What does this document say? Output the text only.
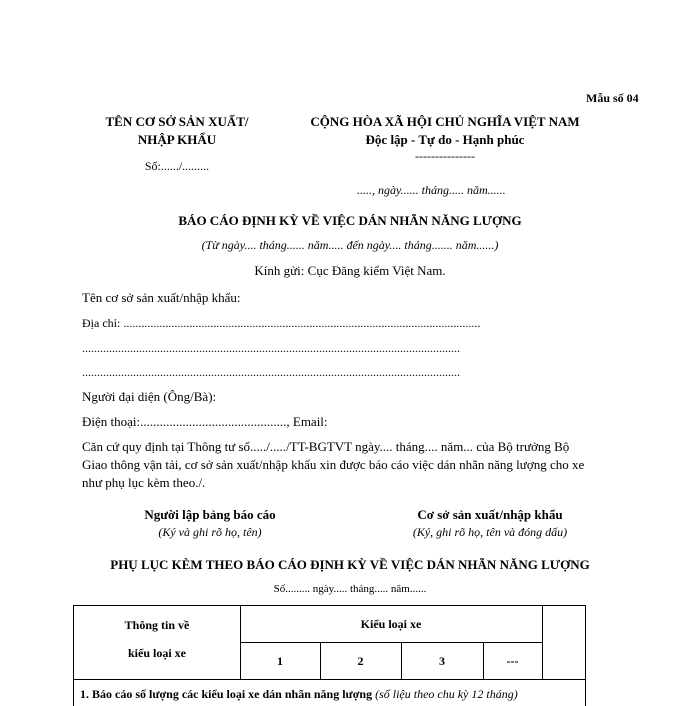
Mẫu số 04
TÊN CƠ SỞ SẢN XUẤT/
NHẬP KHẨU
Số:....../.........
CỘNG HÒA XÃ HỘI CHỦ NGHĨA VIỆT NAM
Độc lập - Tự do - Hạnh phúc
---------------
....., ngày...... tháng..... năm......
BÁO CÁO ĐỊNH KỲ VỀ VIỆC DÁN NHÃN NĂNG LƯỢNG
(Từ ngày.... tháng...... năm..... đến ngày.... tháng....... năm......)
Kính gửi: Cục Đăng kiểm Việt Nam.
Tên cơ sở sản xuất/nhập khẩu:
Địa chỉ: .......................................................................................................................
..............................................................................................................................
..............................................................................................................................
Người đại diện (Ông/Bà):
Điện thoại:............................................., Email:
Căn cứ quy định tại Thông tư số...../...../TT-BGTVT ngày.... tháng.... năm... của Bộ trưởng Bộ
Giao thông vận tải, cơ sở sản xuất/nhập khẩu xin được báo cáo việc dán nhãn năng lượng cho xe
như phụ lục kèm theo./.
Người lập bảng báo cáo
(Ký và ghi rõ họ, tên)
Cơ sở sản xuất/nhập khẩu
(Ký, ghi rõ họ, tên và đóng dấu)
PHỤ LỤC KÈM THEO BÁO CÁO ĐỊNH KỲ VỀ VIỆC DÁN NHÃN NĂNG LƯỢNG
Số......... ngày..... tháng..... năm......
Thông tin về
kiểu loại xe
Kiểu loại xe
1	2	3	---
1. Báo cáo số lượng các kiểu loại xe dán nhãn năng lượng (số liệu theo chu kỳ 12 tháng)
